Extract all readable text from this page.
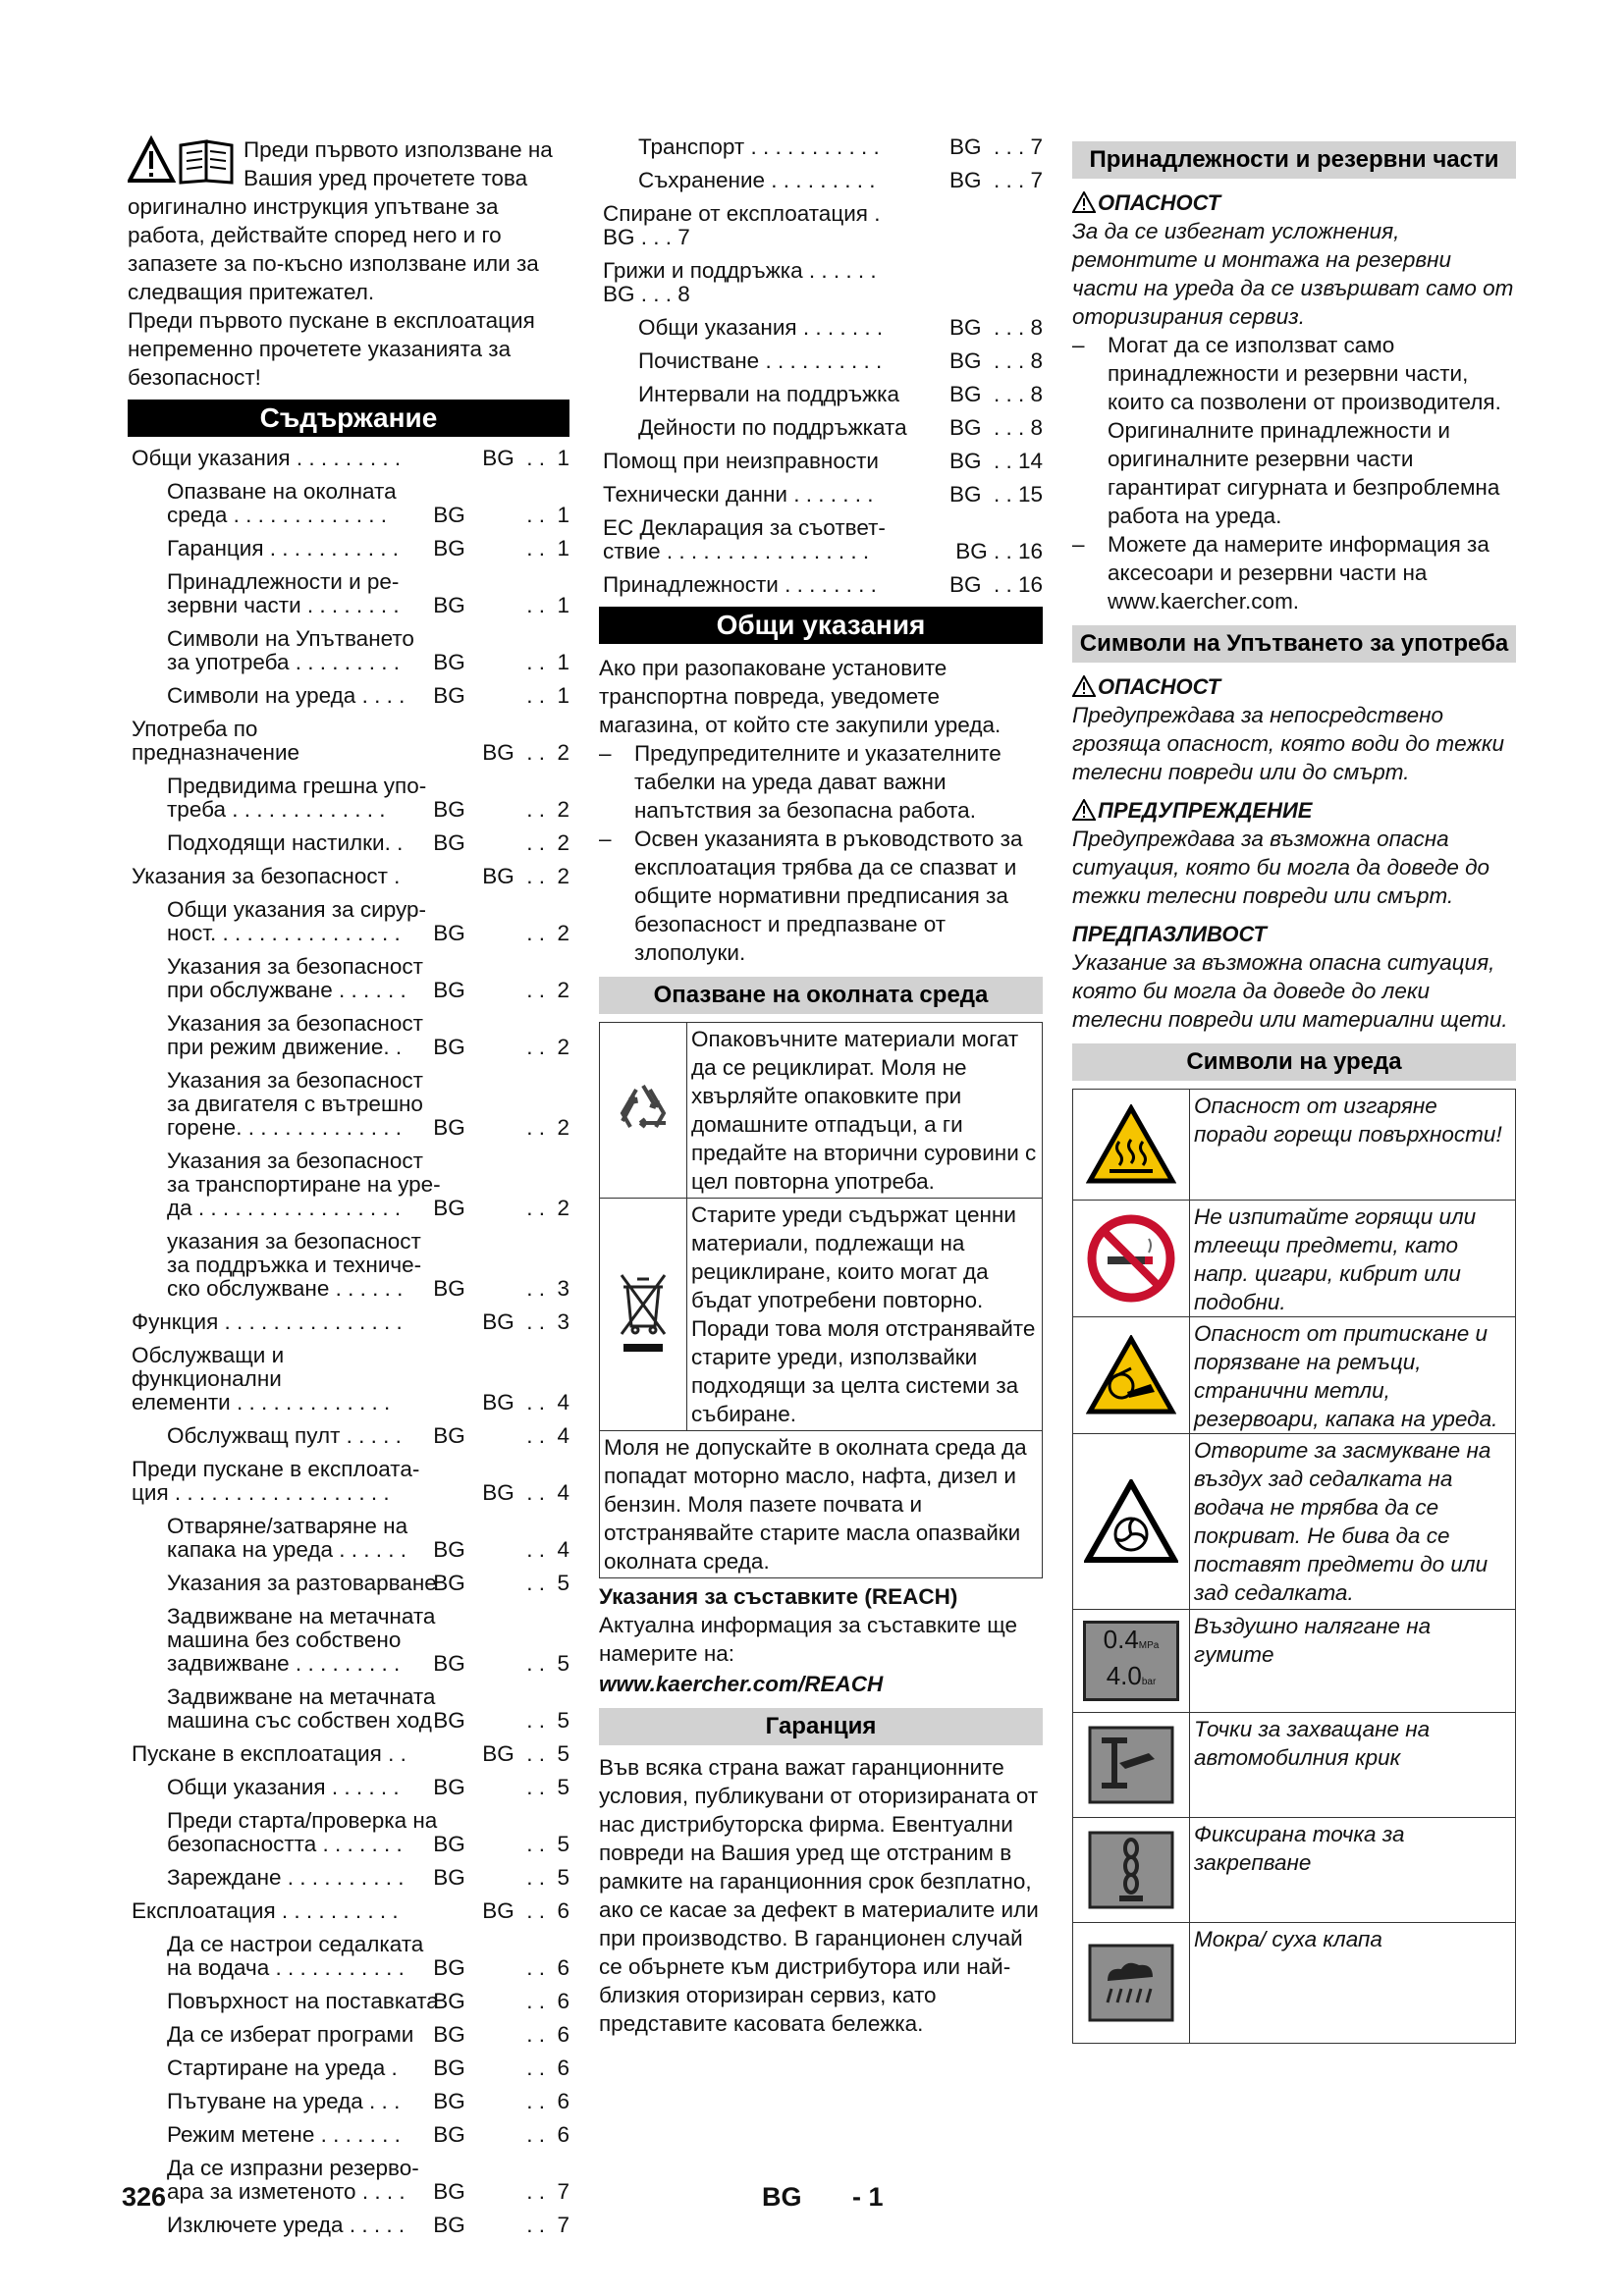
Преди първото използване на Вашия уред прочетете това оригинално инструкция упътване за работа, действайте според него и го запазете за по-късно използване или за следващия притежател.

Преди първото пускане в експлоатация непременно прочетете указанията за безопасност!

Съдържание
Общи указания . . . . . . . . .	BG  . .  1
Опазване на околната
среда . . . . . . . . . . . . .	BG          . .  1
Гаранция . . . . . . . . . . .	BG          . .  1
Принадлежности и ре-
зервни части . . . . . . . .	BG          . .  1
Символи на Упътването
за употреба . . . . . . . . .	BG          . .  1
Символи на уреда . . . .	BG          . .  1
Употреба по предназначение	BG  . .  2
Предвидима грешна упо-
треба . . . . . . . . . . . . .	BG          . .  2
Подходящи настилки. .	BG          . .  2
Указания за безопасност .	BG  . .  2
Общи указания за сирур-
ност. . . . . . . . . . . . . . . .	BG          . .  2
Указания за безопасност
при обслужване . . . . . .	BG          . .  2
Указания за безопасност
при режим движение. .	BG          . .  2
Указания за безопасност
за двигателя с вътрешно
горене. . . . . . . . . . . . . .	BG          . .  2
Указания за безопасност
за транспортиране на уре-
да . . . . . . . . . . . . . . . . .	BG          . .  2
указания за безопасност
за поддръжка и техниче-
ско обслужване . . . . . .	BG          . .  3
Функция . . . . . . . . . . . . . . .	BG  . .  3
Обслужващи и функционални
елементи . . . . . . . . . . . . .	BG  . .  4
Обслужващ пулт . . . . .	BG          . .  4
Преди пускане в експлоата-
ция . . . . . . . . . . . . . . . . . .	BG  . .  4
Отваряне/затваряне на
капака на уреда . . . . . .	BG          . .  4
Указания за разтоварване
BG          . .  5
Задвижване на метачната
машина без собствено
задвижване . . . . . . . . .	BG          . .  5
Задвижване на метачната
машина със собствен ход BG          . .  5
Пускане в експлоатация . .	BG  . .  5
Общи указания . . . . . .	BG          . .  5
Преди старта/проверка на
безопасността . . . . . . .	BG          . .  5
Зареждане . . . . . . . . . .	BG          . .  5
Експлоатация . . . . . . . . . .	BG  . .  6
Да се настрои седалката
на водача . . . . . . . . . . .	BG          . .  6
Повърхност на поставката
BG          . .  6
Да се изберат програми BG          . .  6
Стартиране на уреда .	BG          . .  6
Пътуване на уреда . . .	BG          . .  6
Режим метене . . . . . . .	BG          . .  6
Да се изпразни резерво-
ара за изметеното . . . .	BG          . .  7
Изключете уреда . . . . .	BG          . .  7
Транспорт . . . . . . . . . . .	BG  . . . 7
Съхранение . . . . . . . . .	BG  . . . 7
Спиране от експлоатация . BG . . . 7
Грижи и поддръжка . . . . . . BG . . . 8
Общи указания . . . . . . .	BG  . . . 8
Почистване . . . . . . . . . .	BG  . . . 8
Интервали на поддръжка	BG  . . . 8
Дейности по поддръжката	BG  . . . 8
Помощ при неизправности	BG  . . 14
Технически данни . . . . . . .	BG  . . 15
ЕС Декларация за съответ-
ствие . . . . . . . . . . . . . . . . .	BG . . 16
Принадлежности . . . . . . . .	BG  . . 16
Общи указания

Ако при разопаковане установите транспортна повреда, уведомете магазина, от който сте закупили уреда.

– Предупредителните и указателните табелки на уреда дават важни напътствия за безопасна работа.
– Освен указанията в ръководството за експлоатация трябва да се спазват и общите нормативни предписания за безопасност и предпазване от злополуки.
Опазване на околната среда
Опаковъчните материали могат да се рециклират. Моля не хвърляйте опаковките при домашните отпадъци, а ги предайте на вторични суровини с цел повторна употреба.
Старите уреди съдържат ценни материали, подлежащи на рециклиране, които могат да бъдат употребени повторно. Поради това моля отстранявайте старите уреди, използвайки подходящи за целта системи за събиране.
Моля не допускайте в околната среда да попадат моторно масло, нафта, дизел и бензин. Моля пазете почвата и отстранявайте старите масла опазвайки околната среда.
Указания за съставките (REACH)

Актуална информация за съставките ще намерите на:

www.kaercher.com/REACH
Гаранция

Във всяка страна важат гаранционните условия, публикувани от оторизираната от нас дистрибуторска фирма. Евентуални повреди на Вашия уред ще отстраним в рамките на гаранционния срок безплатно, ако се касае за дефект в материалите или при производство. В гаранционен случай се обърнете към дистрибутора или най-близкия оторизиран сервиз, като представите касовата бележка.

Принадлежности и резервни части
ОПАСНОСТ

За да се избегнат усложнения, ремонтите и монтажа на резервни части на уреда да се извършват само от оторизирания сервиз.

– Могат да се използват само принадлежности и резервни части, които са позволени от производителя. Оригиналните принадлежности и оригиналните резервни части гарантират сигурната и безпроблемна работа на уреда.
– Можете да намерите информация за аксесоари и резервни части на www.kaercher.com.
Символи на Упътването за употреба
ОПАСНОСТ

Предупреждава за непосредствено грозяща опасност, която води до тежки телесни повреди или до смърт.

ПРЕДУПРЕЖДЕНИЕ

Предупреждава за възможна опасна ситуация, която би могла да доведе до тежки телесни повреди или смърт.

ПРЕДПАЗЛИВОСТ

Указание за възможна опасна ситуация, която би могла да доведе до леки телесни повреди или материални щети.

Символи на уреда
Опасност от изгаряне поради горещи повърхности!
Не изпитайте горящи или тлеещи предмети, като напр. цигари, кибрит или подобни.
Опасност от притискане и порязване на ремъци, странични метли, резервоари, капака на уреда.
Отворите за засмукване на въздух зад седалката на водача не трябва да се покриват. Не бива да се поставят предмети до или зад седалката.
0.4MPa
4.0bar
Въздушно налягане на гумите
Точки за захващане на автомобилния крик
Фиксирана точка за закрепване
Мокра/ суха клапа
326	BG - 1
